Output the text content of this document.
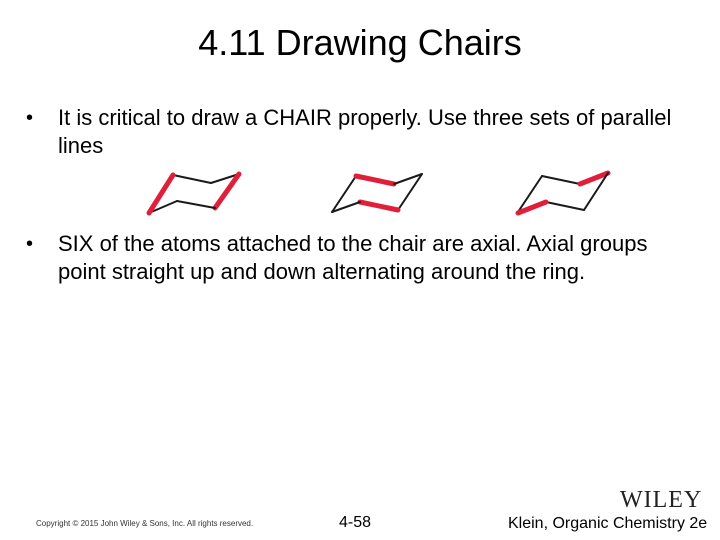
4.11 Drawing Chairs
•	It is critical to draw a CHAIR properly. Use three sets of parallel lines
•	SIX of the atoms attached to the chair are axial. Axial groups point straight up and down alternating around the ring.
WILEY
Copyright © 2015 John Wiley & Sons, Inc. All rights reserved.	4-58	Klein, Organic Chemistry 2e
